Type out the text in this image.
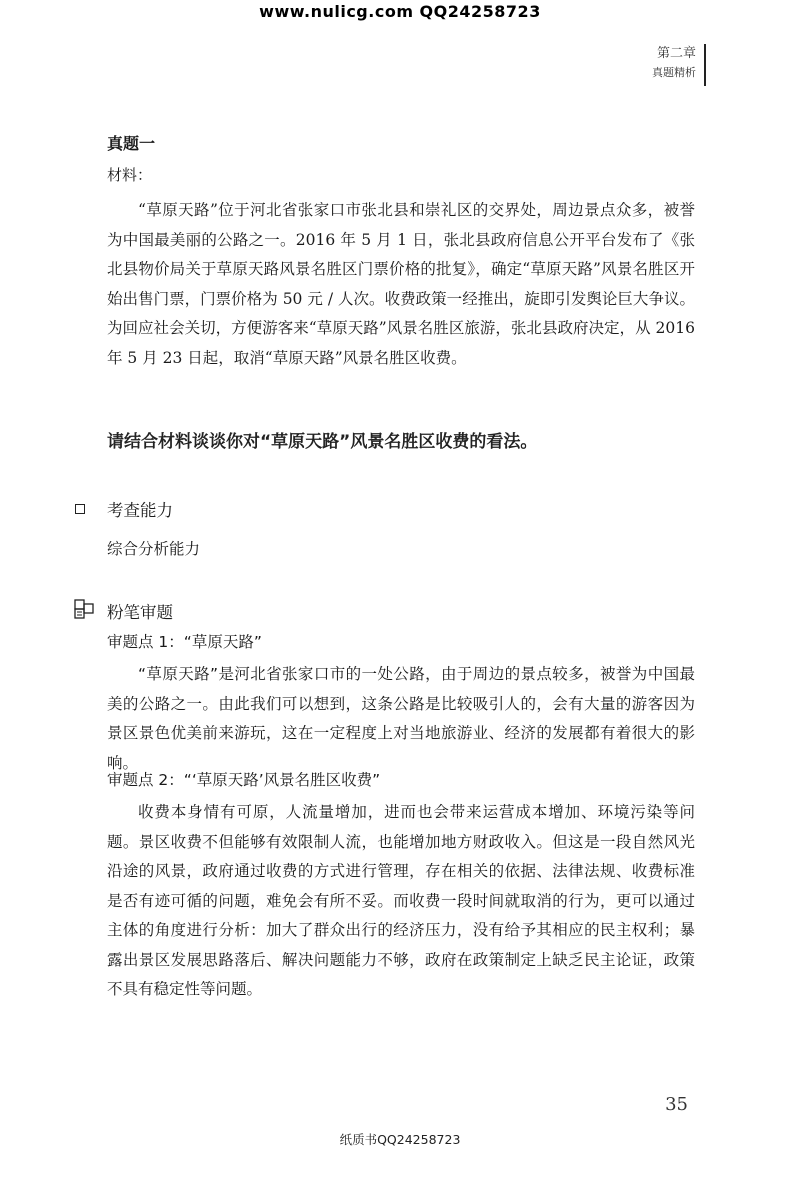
www.nulicg.com QQ24258723
第二章
真题精析
真题一
材料：
“草原天路”位于河北省张家口市张北县和崇礼区的交界处，周边景点众多，被誉为中国最美丽的公路之一。2016 年 5 月 1 日，张北县政府信息公开平台发布了《张北县物价局关于草原天路风景名胜区门票价格的批复》，确定“草原天路”风景名胜区开始出售门票，门票价格为 50 元 / 人次。收费政策一经推出，旋即引发舆论巨大争议。为回应社会关切，方便游客来“草原天路”风景名胜区旅游，张北县政府决定，从 2016 年 5 月 23 日起，取消“草原天路”风景名胜区收费。
请结合材料谈谈你对“草原天路”风景名胜区收费的看法。
考查能力
综合分析能力
粉笔审题
审题点 1：“草原天路”
“草原天路”是河北省张家口市的一处公路，由于周边的景点较多，被誉为中国最美的公路之一。由此我们可以想到，这条公路是比较吸引人的，会有大量的游客因为景区景色优美前来游玩，这在一定程度上对当地旅游业、经济的发展都有着很大的影响。
审题点 2：“‘草原天路’风景名胜区收费”
收费本身情有可原，人流量增加，进而也会带来运营成本增加、环境污染等问题。景区收费不但能够有效限制人流，也能增加地方财政收入。但这是一段自然风光沿途的风景，政府通过收费的方式进行管理，存在相关的依据、法律法规、收费标准是否有迹可循的问题，难免会有所不妥。而收费一段时间就取消的行为，更可以通过主体的角度进行分析：加大了群众出行的经济压力，没有给予其相应的民主权利；暴露出景区发展思路落后、解决问题能力不够，政府在政策制定上缺乏民主论证，政策不具有稳定性等问题。
35
纸质书QQ24258723
